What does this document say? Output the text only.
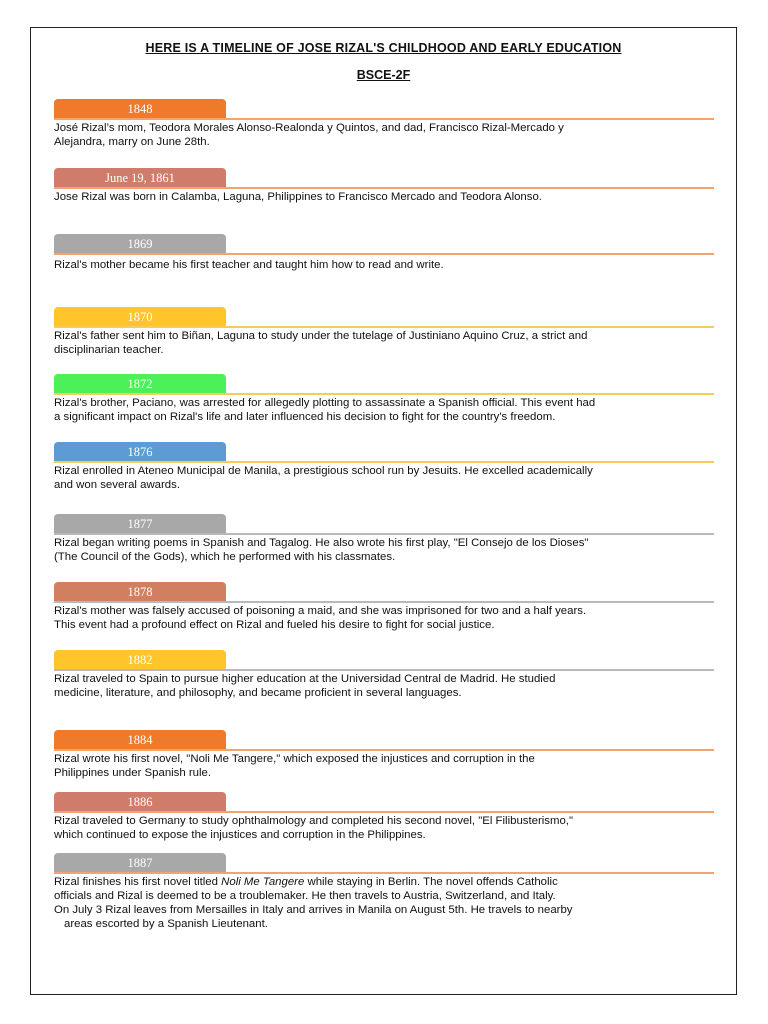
HERE IS A TIMELINE OF JOSE RIZAL'S CHILDHOOD AND EARLY EDUCATION
BSCE-2F
1848
José Rizal’s mom, Teodora Morales Alonso-Realonda y Quintos, and dad, Francisco Rizal-Mercado y
Alejandra, marry on June 28th.
June 19, 1861
Jose Rizal was born in Calamba, Laguna, Philippines to Francisco Mercado and Teodora Alonso.
1869
Rizal's mother became his first teacher and taught him how to read and write.
1870
Rizal's father sent him to Biñan, Laguna to study under the tutelage of Justiniano Aquino Cruz, a strict and
disciplinarian teacher.
1872
Rizal's brother, Paciano, was arrested for allegedly plotting to assassinate a Spanish official. This event had
a significant impact on Rizal's life and later influenced his decision to fight for the country's freedom.
1876
Rizal enrolled in Ateneo Municipal de Manila, a prestigious school run by Jesuits. He excelled academically
and won several awards.
1877
Rizal began writing poems in Spanish and Tagalog. He also wrote his first play, "El Consejo de los Dioses"
(The Council of the Gods), which he performed with his classmates.
1878
Rizal's mother was falsely accused of poisoning a maid, and she was imprisoned for two and a half years.
This event had a profound effect on Rizal and fueled his desire to fight for social justice.
1882
Rizal traveled to Spain to pursue higher education at the Universidad Central de Madrid. He studied
medicine, literature, and philosophy, and became proficient in several languages.
1884
Rizal wrote his first novel, "Noli Me Tangere," which exposed the injustices and corruption in the
Philippines under Spanish rule.
1886
Rizal traveled to Germany to study ophthalmology and completed his second novel, "El Filibusterismo,"
which continued to expose the injustices and corruption in the Philippines.
1887
Rizal finishes his first novel titled Noli Me Tangere while staying in Berlin. The novel offends Catholic
officials and Rizal is deemed to be a troublemaker. He then travels to Austria, Switzerland, and Italy.
On July 3 Rizal leaves from Mersailles in Italy and arrives in Manila on August 5th. He travels to nearby
areas escorted by a Spanish Lieutenant.
